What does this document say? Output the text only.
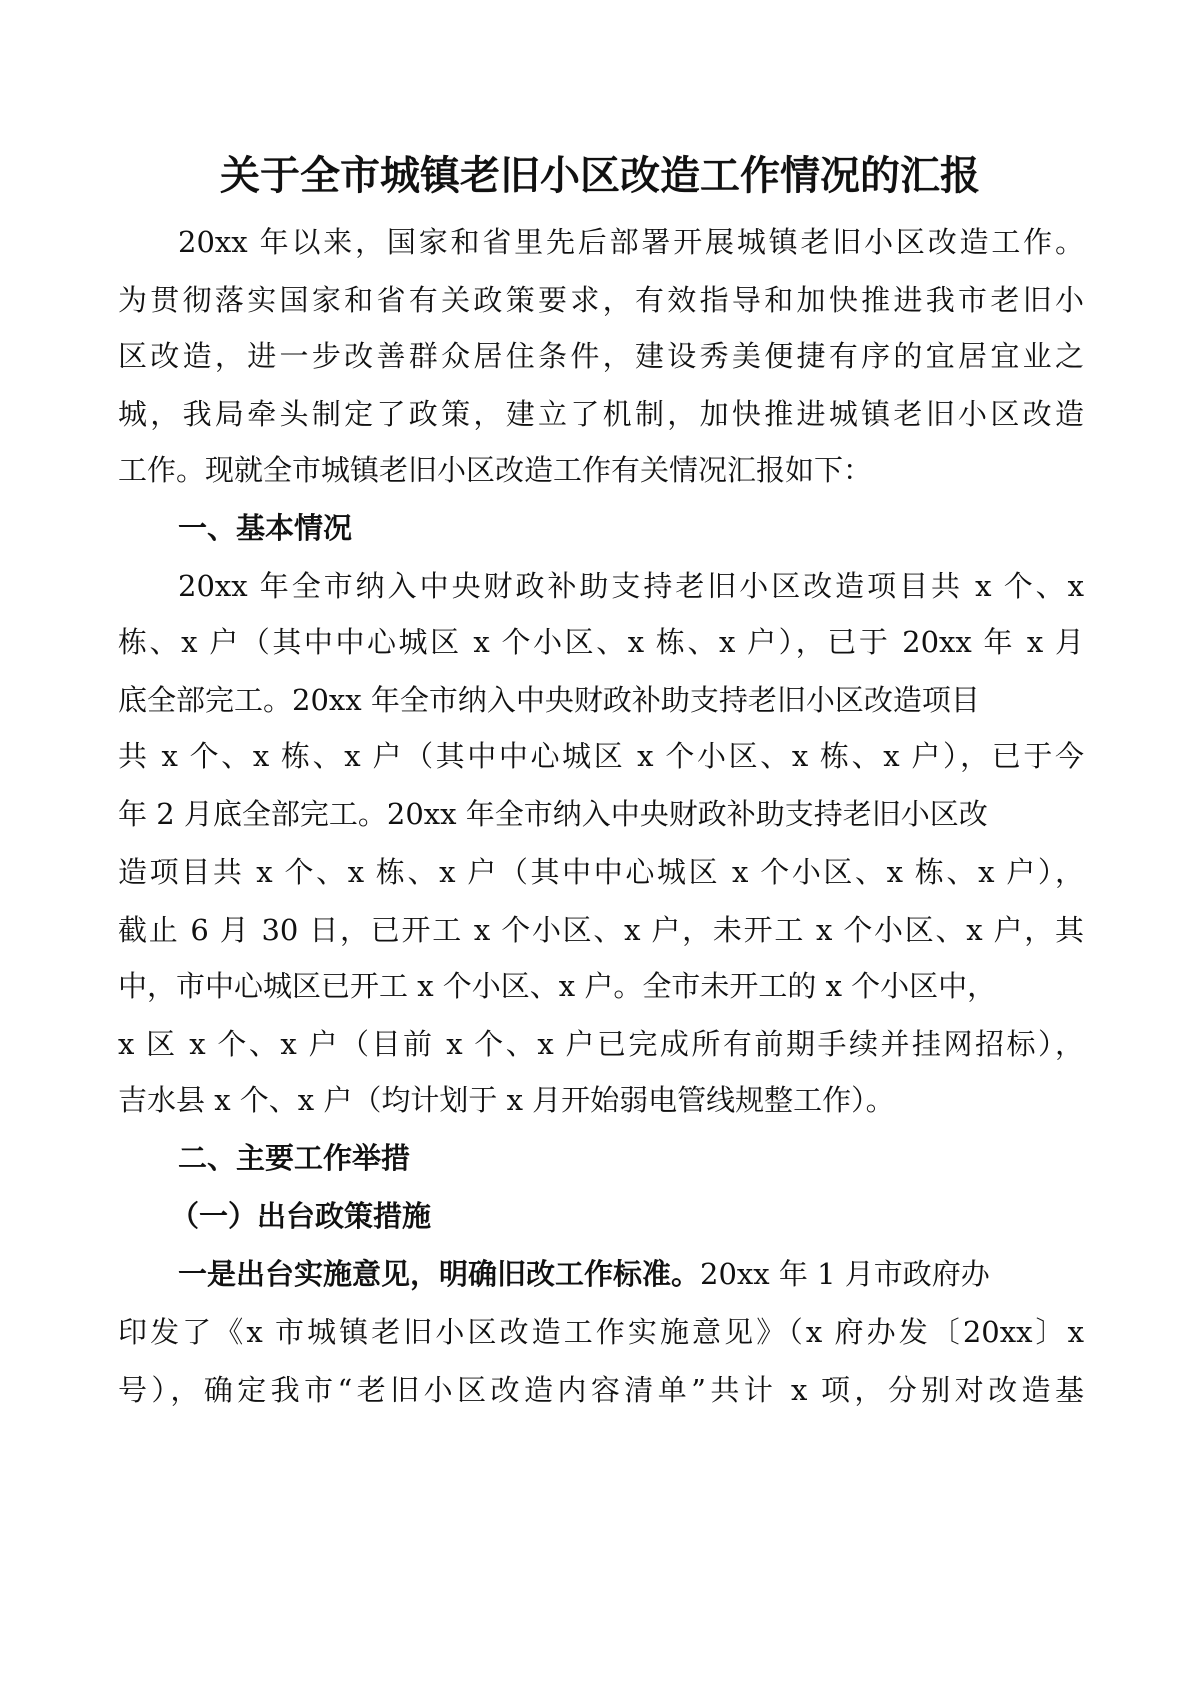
关于全市城镇老旧小区改造工作情况的汇报
20xx 年以来，国家和省里先后部署开展城镇老旧小区改造工作。
为贯彻落实国家和省有关政策要求，有效指导和加快推进我市老旧小
区改造，进一步改善群众居住条件，建设秀美便捷有序的宜居宜业之
城，我局牵头制定了政策，建立了机制，加快推进城镇老旧小区改造
工作。现就全市城镇老旧小区改造工作有关情况汇报如下：
一、基本情况
20xx 年全市纳入中央财政补助支持老旧小区改造项目共 x 个、x
栋、x 户（其中中心城区 x 个小区、x 栋、x 户），已于 20xx 年 x 月
底全部完工。20xx 年全市纳入中央财政补助支持老旧小区改造项目
共 x 个、x 栋、x 户（其中中心城区 x 个小区、x 栋、x 户），已于今
年 2 月底全部完工。20xx 年全市纳入中央财政补助支持老旧小区改
造项目共 x 个、x 栋、x 户（其中中心城区 x 个小区、x 栋、x 户），
截止 6 月 30 日，已开工 x 个小区、x 户，未开工 x 个小区、x 户，其
中，市中心城区已开工 x 个小区、x 户。全市未开工的 x 个小区中，
x 区 x 个、x 户（目前 x 个、x 户已完成所有前期手续并挂网招标），
吉水县 x 个、x 户（均计划于 x 月开始弱电管线规整工作）。
二、主要工作举措
（一）出台政策措施
一是出台实施意见，明确旧改工作标准。20xx 年 1 月市政府办
印发了《x 市城镇老旧小区改造工作实施意见》（x 府办发〔20xx〕x
号），确定我市“老旧小区改造内容清单”共计 x 项，分别对改造基
